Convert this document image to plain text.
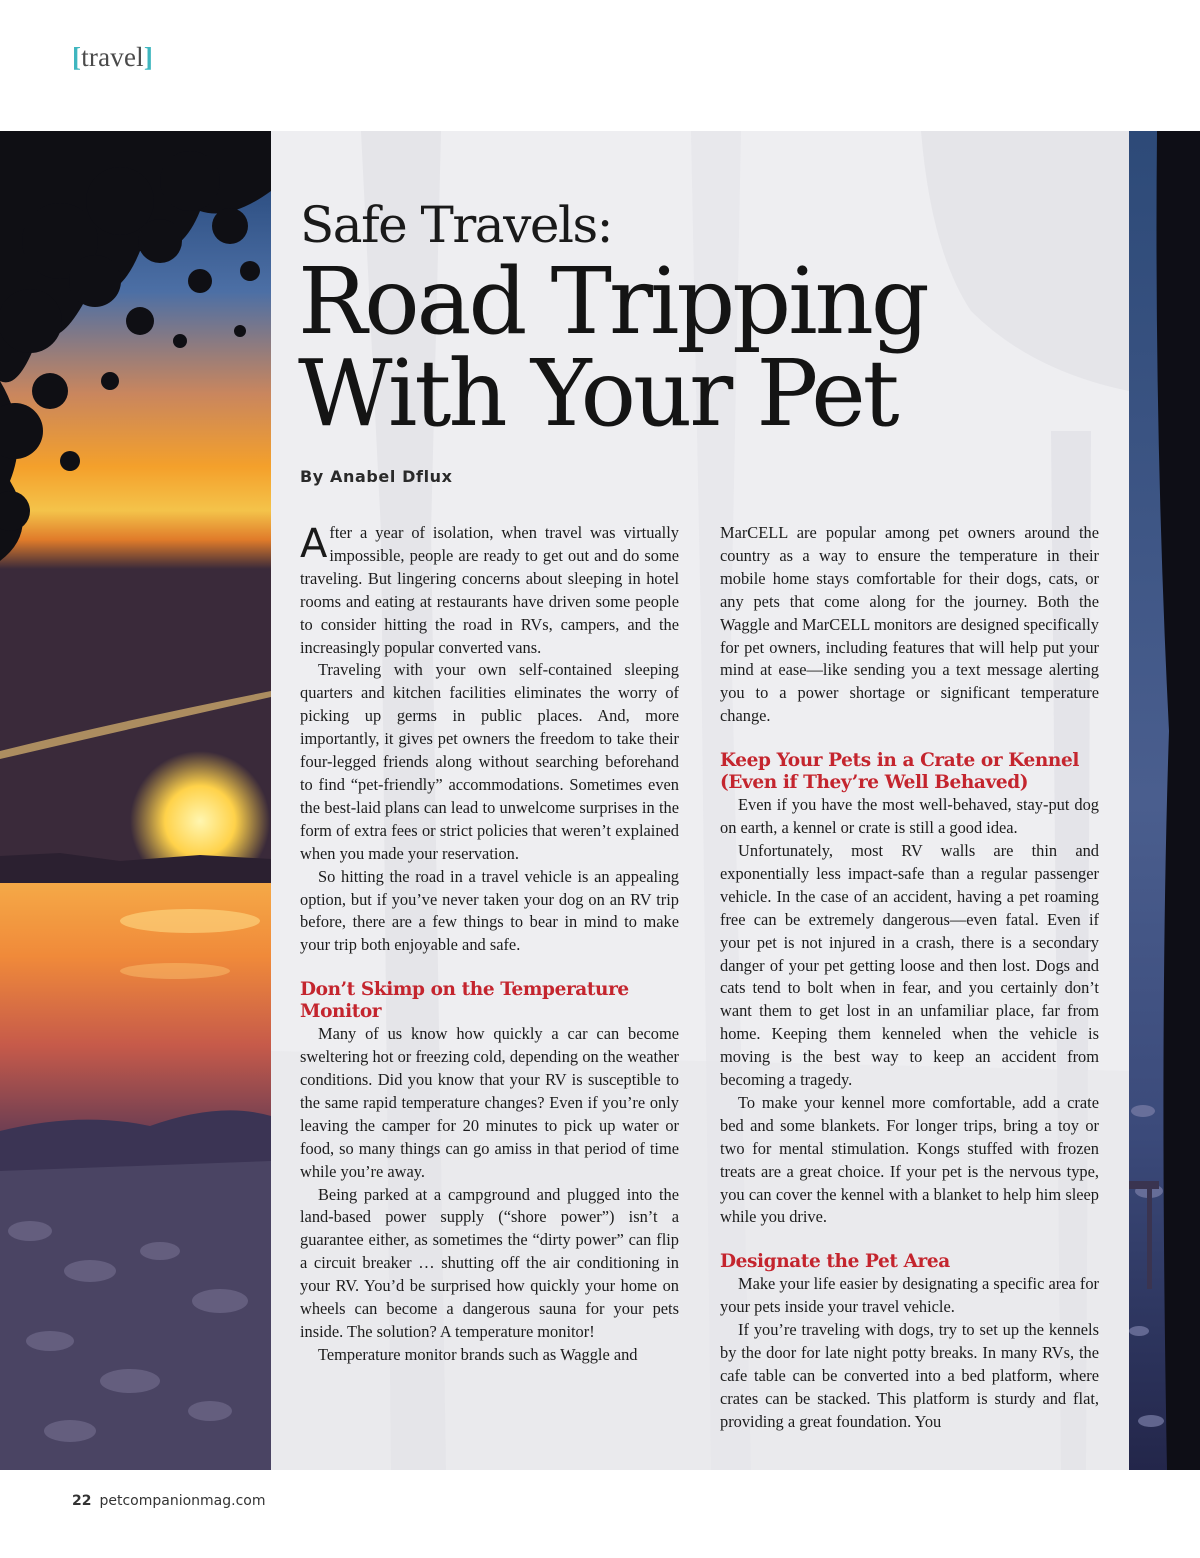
[travel]
Safe Travels:
Road Tripping
With Your Pet
By Anabel Dflux

After a year of isolation, when travel was virtually impossible, people are ready to get out and do some traveling. But lingering concerns about sleeping in hotel rooms and eating at restaurants have driven some people to consider hitting the road in RVs, campers, and the increasingly popular converted vans.

Traveling with your own self-contained sleeping quarters and kitchen facilities eliminates the worry of picking up germs in public places. And, more importantly, it gives pet owners the freedom to take their four-legged friends along without searching beforehand to find “pet-friendly” accommodations. Sometimes even the best-laid plans can lead to unwelcome surprises in the form of extra fees or strict policies that weren’t explained when you made your reservation.

So hitting the road in a travel vehicle is an appealing option, but if you’ve never taken your dog on an RV trip before, there are a few things to bear in mind to make your trip both enjoyable and safe.

Don’t Skimp on the Temperature Monitor

Many of us know how quickly a car can become sweltering hot or freezing cold, depending on the weather conditions. Did you know that your RV is susceptible to the same rapid temperature changes? Even if you’re only leaving the camper for 20 minutes to pick up water or food, so many things can go amiss in that period of time while you’re away.

Being parked at a campground and plugged into the land-based power supply (“shore power”) isn’t a guarantee either, as sometimes the “dirty power” can flip a circuit breaker … shutting off the air conditioning in your RV. You’d be surprised how quickly your home on wheels can become a dangerous sauna for your pets inside. The solution? A temperature monitor!

Temperature monitor brands such as Waggle and

MarCELL are popular among pet owners around the country as a way to ensure the temperature in their mobile home stays comfortable for their dogs, cats, or any pets that come along for the journey. Both the Waggle and MarCELL monitors are designed specifically for pet owners, including features that will help put your mind at ease—like sending you a text message alerting you to a power shortage or significant temperature change.

Keep Your Pets in a Crate or Kennel (Even if They’re Well Behaved)

Even if you have the most well-behaved, stay-put dog on earth, a kennel or crate is still a good idea.

Unfortunately, most RV walls are thin and exponentially less impact-safe than a regular passenger vehicle. In the case of an accident, having a pet roaming free can be extremely dangerous—even fatal. Even if your pet is not injured in a crash, there is a secondary danger of your pet getting loose and then lost. Dogs and cats tend to bolt when in fear, and you certainly don’t want them to get lost in an unfamiliar place, far from home. Keeping them kenneled when the vehicle is moving is the best way to keep an accident from becoming a tragedy.

To make your kennel more comfortable, add a crate bed and some blankets. For longer trips, bring a toy or two for mental stimulation. Kongs stuffed with frozen treats are a great choice. If your pet is the nervous type, you can cover the kennel with a blanket to help him sleep while you drive.

Designate the Pet Area

Make your life easier by designating a specific area for your pets inside your travel vehicle.

If you’re traveling with dogs, try to set up the kennels by the door for late night potty breaks. In many RVs, the cafe table can be converted into a bed platform, where crates can be stacked. This platform is sturdy and flat, providing a great foundation. You

22 petcompanionmag.com
